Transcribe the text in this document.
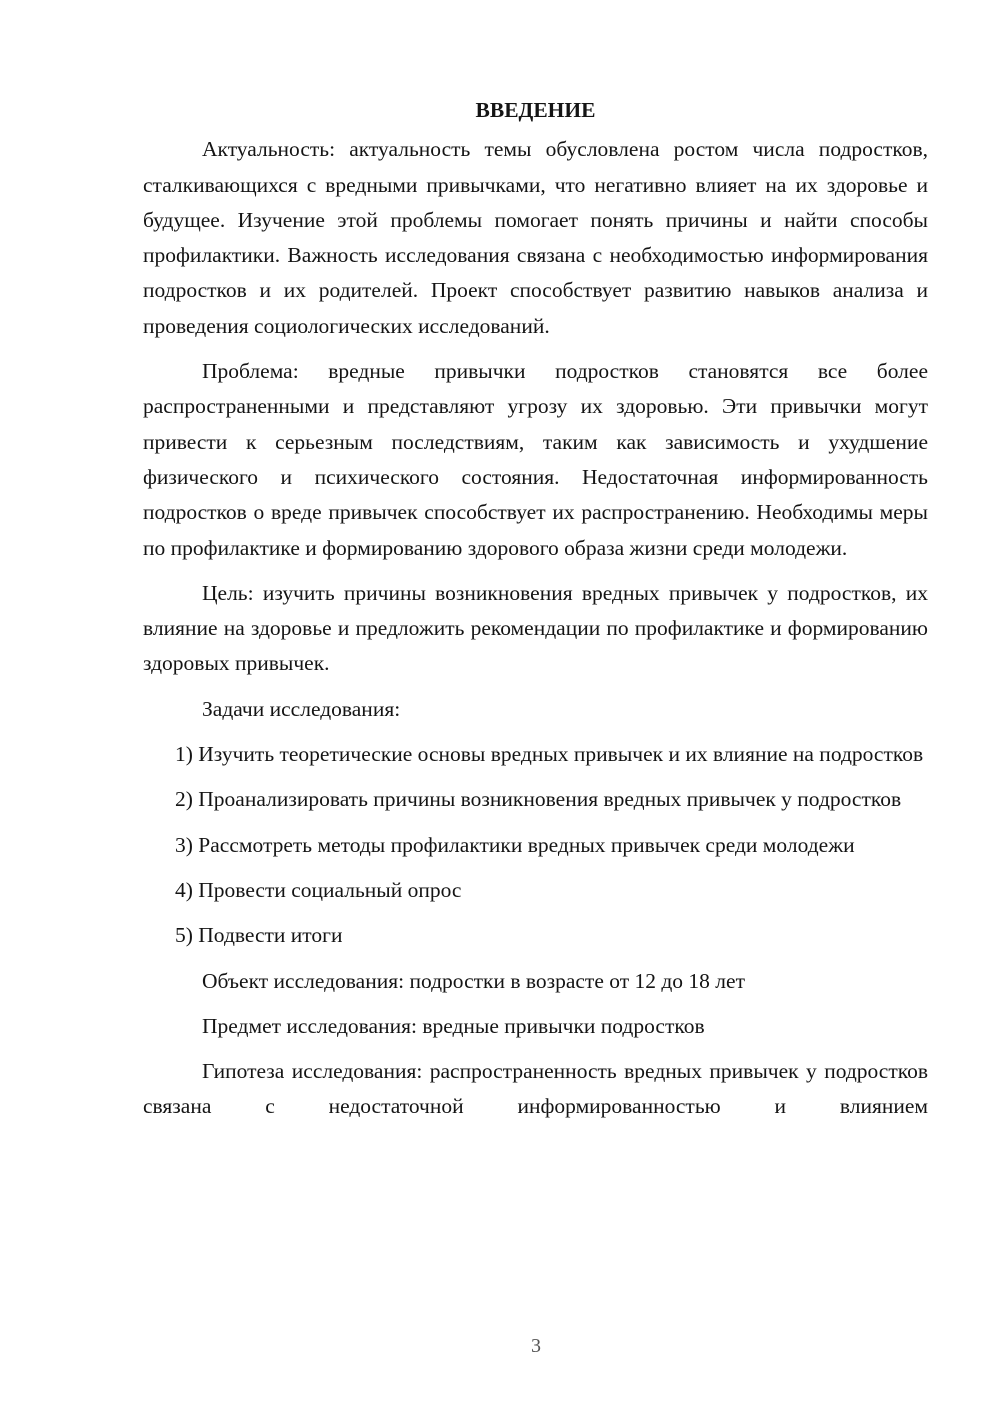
ВВЕДЕНИЕ
Актуальность: актуальность темы обусловлена ростом числа подростков, сталкивающихся с вредными привычками, что негативно влияет на их здоровье и будущее. Изучение этой проблемы помогает понять причины и найти способы профилактики. Важность исследования связана с необходимостью информирования подростков и их родителей. Проект способствует развитию навыков анализа и проведения социологических исследований.
Проблема: вредные привычки подростков становятся все более распространенными и представляют угрозу их здоровью. Эти привычки могут привести к серьезным последствиям, таким как зависимость и ухудшение физического и психического состояния. Недостаточная информированность подростков о вреде привычек способствует их распространению. Необходимы меры по профилактике и формированию здорового образа жизни среди молодежи.
Цель: изучить причины возникновения вредных привычек у подростков, их влияние на здоровье и предложить рекомендации по профилактике и формированию здоровых привычек.
Задачи исследования:
1) Изучить теоретические основы вредных привычек и их влияние на подростков
2) Проанализировать причины возникновения вредных привычек у подростков
3) Рассмотреть методы профилактики вредных привычек среди молодежи
4) Провести социальный опрос
5) Подвести итоги
Объект исследования: подростки в возрасте от 12 до 18 лет
Предмет исследования: вредные привычки подростков
Гипотеза исследования: распространенность вредных привычек у подростков связана с недостаточной информированностью и влиянием
3
